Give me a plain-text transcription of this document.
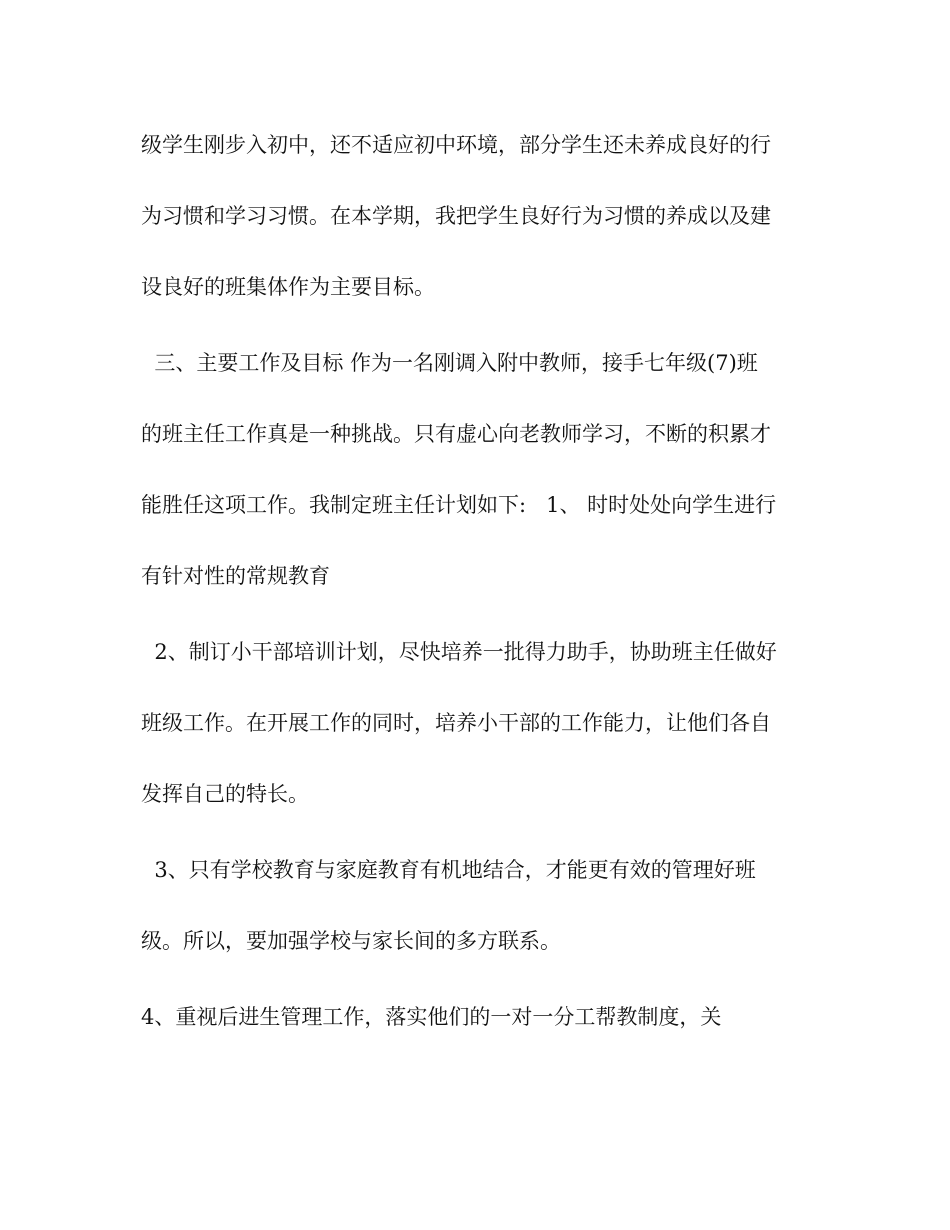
级学生刚步入初中，还不适应初中环境，部分学生还未养成良好的行

为习惯和学习习惯。在本学期，我把学生良好行为习惯的养成以及建

设良好的班集体作为主要目标。

三、主要工作及目标 作为一名刚调入附中教师，接手七年级(7)班

的班主任工作真是一种挑战。只有虚心向老教师学习，不断的积累才

能胜任这项工作。我制定班主任计划如下:   1、 时时处处向学生进行

有针对性的常规教育

2、制订小干部培训计划，尽快培养一批得力助手，协助班主任做好

班级工作。在开展工作的同时，培养小干部的工作能力，让他们各自

发挥自己的特长。

3、只有学校教育与家庭教育有机地结合，才能更有效的管理好班

级。所以，要加强学校与家长间的多方联系。

4、重视后进生管理工作，落实他们的一对一分工帮教制度，关
